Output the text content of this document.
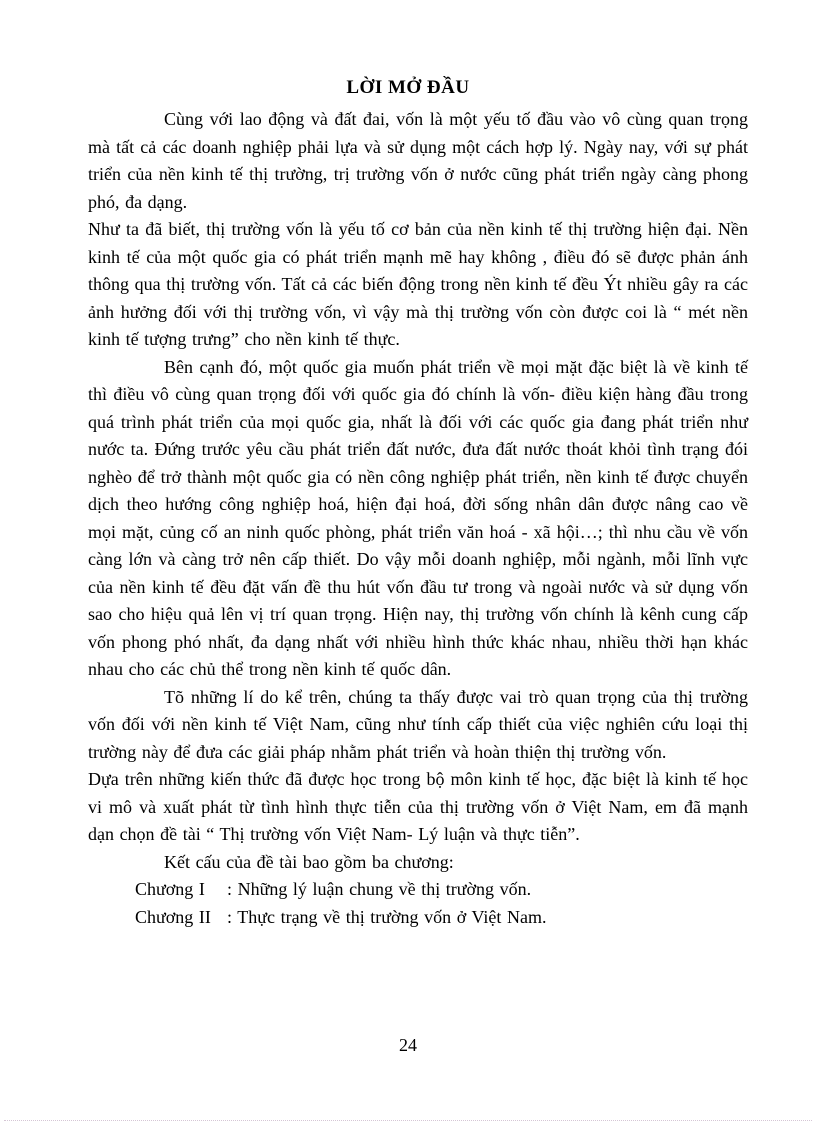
LỜI MỞ ĐẦU

Cùng với lao động và đất đai, vốn là một yếu tố đầu vào vô cùng quan trọng mà tất cả các doanh nghiệp phải lựa và sử dụng một cách hợp lý. Ngày nay, với sự phát triển của nền kinh tế thị trường, trị trường vốn ở nước cũng phát triển ngày càng phong phó, đa dạng.

Như ta đã biết, thị trường vốn là yếu tố cơ bản của nền kinh tế thị trường hiện đại. Nền kinh tế của một quốc gia có phát triển mạnh mẽ hay không , điều đó sẽ được phản ánh thông qua thị trường vốn. Tất cả các biến động trong nền kinh tế đều Ýt nhiều gây ra các ảnh hưởng đối với thị trường vốn, vì vậy mà thị trường vốn còn được coi là “ mét nền kinh tế tượng trưng” cho nền kinh tế thực.

Bên cạnh đó, một quốc gia muốn phát triển về mọi mặt đặc biệt là về kinh tế thì điều vô cùng quan trọng đối với quốc gia đó chính là vốn- điều kiện hàng đầu trong quá trình phát triển của mọi quốc gia, nhất là đối với các quốc gia đang phát triển như nước ta. Đứng trước yêu cầu phát triển đất nước, đưa đất nước thoát khỏi tình trạng đói nghèo để trở thành một quốc gia có nền công nghiệp phát triển, nền kinh tế được chuyển dịch theo hướng công nghiệp hoá, hiện đại hoá, đời sống nhân dân được nâng cao về mọi mặt, củng cố an ninh quốc phòng, phát triển văn hoá - xã hội…; thì nhu cầu về vốn càng lớn và càng trở nên cấp thiết. Do vậy mỗi doanh nghiệp, mỗi ngành, mỗi lĩnh vực của nền kinh tế đều đặt vấn đề thu hút vốn đầu tư trong và ngoài nước và sử dụng vốn sao cho hiệu quả lên vị trí quan trọng. Hiện nay, thị trường vốn chính là kênh cung cấp vốn phong phó nhất, đa dạng nhất với nhiều hình thức khác nhau, nhiều thời hạn khác nhau cho các chủ thể trong nền kinh tế quốc dân.

Tõ những lí do kể trên, chúng ta thấy được vai trò quan trọng của thị trường vốn đối với nền kinh tế Việt Nam, cũng như tính cấp thiết của việc nghiên cứu loại thị trường này để đưa các giải pháp nhằm phát triển và hoàn thiện thị trường vốn.

Dựa trên những kiến thức đã được học trong bộ môn kinh tế học, đặc biệt là kinh tế học vi mô và xuất phát từ tình hình thực tiễn của thị trường vốn ở Việt Nam, em đã mạnh dạn chọn đề tài “ Thị trường vốn Việt Nam- Lý luận và thực tiễn”.

Kết cấu của đề tài bao gồm ba chương:

Chương I : Những lý luận chung về thị trường vốn.
Chương II : Thực trạng về thị trường vốn ở Việt Nam.
24
